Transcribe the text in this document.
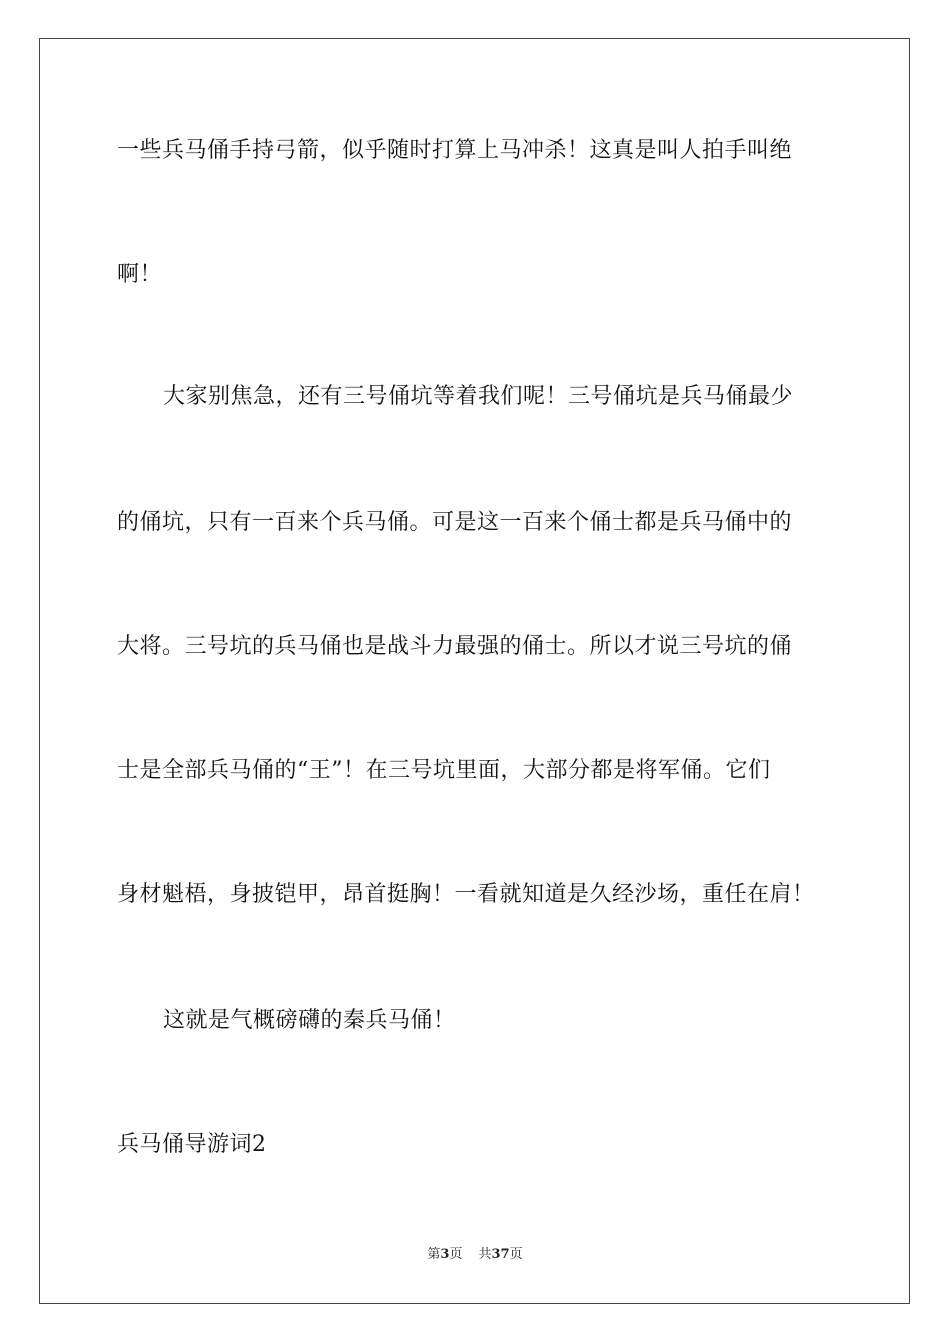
一些兵马俑手持弓箭，似乎随时打算上马冲杀！这真是叫人拍手叫绝
啊！
大家别焦急，还有三号俑坑等着我们呢！三号俑坑是兵马俑最少
的俑坑，只有一百来个兵马俑。可是这一百来个俑士都是兵马俑中的
大将。三号坑的兵马俑也是战斗力最强的俑士。所以才说三号坑的俑
士是全部兵马俑的“王”！在三号坑里面，大部分都是将军俑。它们
身材魁梧，身披铠甲，昂首挺胸！一看就知道是久经沙场，重任在肩！
这就是气概磅礴的秦兵马俑！
兵马俑导游词2
第3页 共37页
